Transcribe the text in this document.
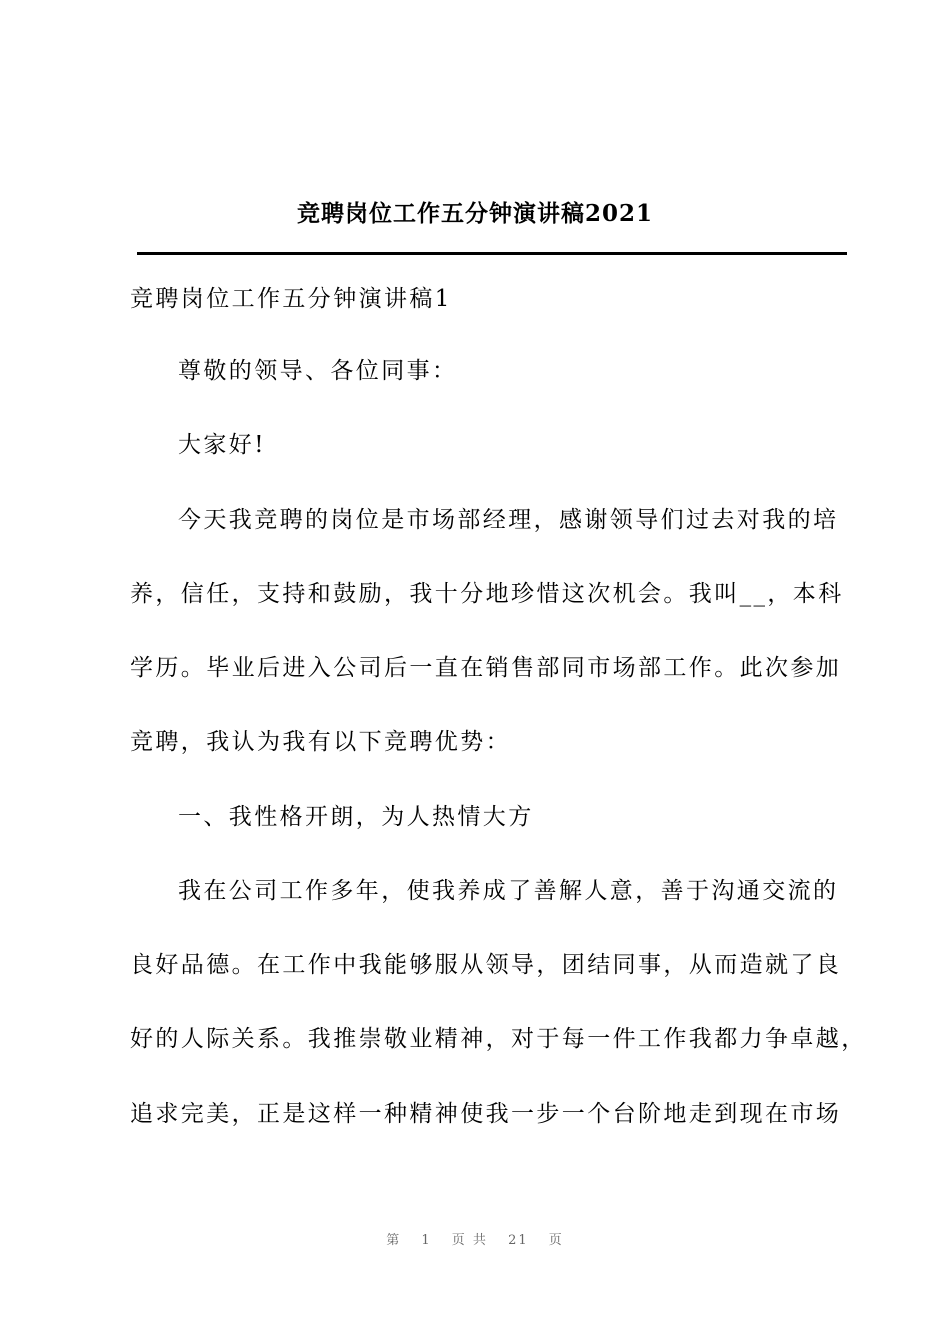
竞聘岗位工作五分钟演讲稿2021

竞聘岗位工作五分钟演讲稿1

尊敬的领导、各位同事：

大家好!

今天我竞聘的岗位是市场部经理，感谢领导们过去对我的培

养，信任，支持和鼓励，我十分地珍惜这次机会。我叫__，本科

学历。毕业后进入公司后一直在销售部同市场部工作。此次参加

竞聘，我认为我有以下竞聘优势：

一、我性格开朗，为人热情大方

我在公司工作多年，使我养成了善解人意，善于沟通交流的

良好品德。在工作中我能够服从领导，团结同事，从而造就了良

好的人际关系。我推崇敬业精神，对于每一件工作我都力争卓越，

追求完美，正是这样一种精神使我一步一个台阶地走到现在市场

第 1 页 共 21 页
